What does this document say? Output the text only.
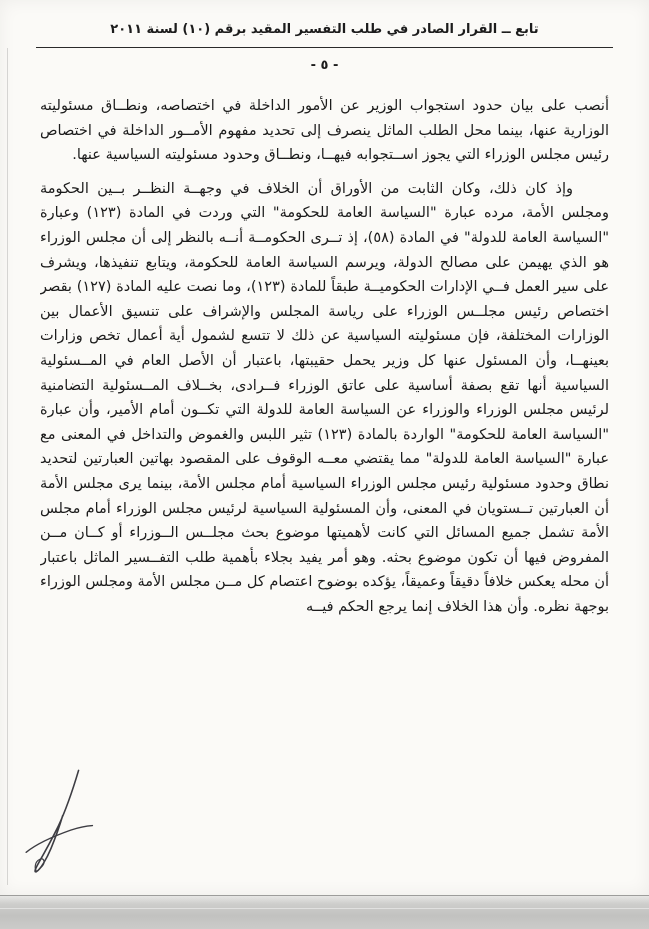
تابع ــ القرار الصادر في طلب التفسير المقيد برقم (١٠) لسنة ٢٠١١
- ٥ -

أنصب على بيان حدود استجواب الوزير عن الأمور الداخلة في اختصاصه، ونطــاق مسئوليته الوزارية عنها، بينما محل الطلب الماثل ينصرف إلى تحديد مفهوم الأمــور الداخلة في اختصاص رئيس مجلس الوزراء التي يجوز اســتجوابه فيهــا، ونطــاق وحدود مسئوليته السياسية عنها.

وإذ كان ذلك، وكان الثابت من الأوراق أن الخلاف في وجهــة النظــر بــين الحكومة ومجلس الأمة، مرده عبارة "السياسة العامة للحكومة" التي وردت في المادة (١٢٣) وعبارة "السياسة العامة للدولة" في المادة (٥٨)، إذ تــرى الحكومــة أنــه بالنظر إلى أن مجلس الوزراء هو الذي يهيمن على مصالح الدولة، ويرسم السياسة العامة للحكومة، ويتابع تنفيذها، ويشرف على سير العمل فــي الإدارات الحكوميــة طبقاً للمادة (١٢٣)، وما نصت عليه المادة (١٢٧) بقصر اختصاص رئيس مجلــس الوزراء على رياسة المجلس والإشراف على تنسيق الأعمال بين الوزارات المختلفة، فإن مسئوليته السياسية عن ذلك لا تتسع لشمول أية أعمال تخص وزارات بعينهــا، وأن المسئول عنها كل وزير يحمل حقيبتها، باعتبار أن الأصل العام في المــسئولية السياسية أنها تقع بصفة أساسية على عاتق الوزراء فــرادى، بخــلاف المــسئولية التضامنية لرئيس مجلس الوزراء والوزراء عن السياسة العامة للدولة التي تكــون أمام الأمير، وأن عبارة "السياسة العامة للحكومة" الواردة بالمادة (١٢٣) تثير اللبس والغموض والتداخل في المعنى مع عبارة "السياسة العامة للدولة" مما يقتضي معــه الوقوف على المقصود بهاتين العبارتين لتحديد نطاق وحدود مسئولية رئيس مجلس الوزراء السياسية أمام مجلس الأمة، بينما يرى مجلس الأمة أن العبارتين تــستويان في المعنى، وأن المسئولية السياسية لرئيس مجلس الوزراء أمام مجلس الأمة تشمل جميع المسائل التي كانت لأهميتها موضوع بحث مجلــس الــوزراء أو كــان مــن المفروض فيها أن تكون موضوع بحثه. وهو أمر يفيد بجلاء بأهمية طلب التفــسير الماثل باعتبار أن محله يعكس خلافاً دقيقاً وعميقاً، يؤكده بوضوح اعتصام كل مــن مجلس الأمة ومجلس الوزراء بوجهة نظره. وأن هذا الخلاف إنما يرجع الحكم فيــه
